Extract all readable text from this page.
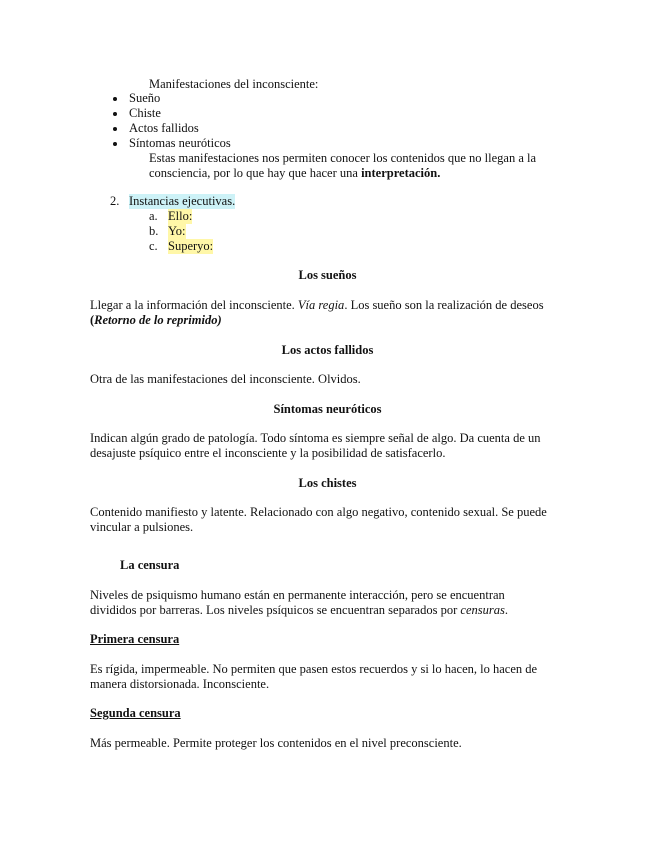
Manifestaciones del inconsciente:
Sueño
Chiste
Actos fallidos
Síntomas neuróticos
Estas manifestaciones nos permiten conocer los contenidos que no llegan a la
consciencia, por lo que hay que hacer una interpretación.
2. Instancias ejecutivas.
a. Ello:
b. Yo:
c. Superyo:
Los sueños
Llegar a la información del inconsciente. Vía regia. Los sueño son la realización de deseos
(Retorno de lo reprimido)
Los actos fallidos
Otra de las manifestaciones del inconsciente. Olvidos.
Síntomas neuróticos
Indican algún grado de patología. Todo síntoma es siempre señal de algo. Da cuenta de un
desajuste psíquico entre el inconsciente y la posibilidad de satisfacerlo.
Los chistes
Contenido manifiesto y latente. Relacionado con algo negativo, contenido sexual. Se puede
vincular a pulsiones.
La censura
Niveles de psiquismo humano están en permanente interacción, pero se encuentran
divididos por barreras. Los niveles psíquicos se encuentran separados por censuras.
Primera censura
Es rígida, impermeable. No permiten que pasen estos recuerdos y si lo hacen, lo hacen de
manera distorsionada. Inconsciente.
Segunda censura
Más permeable. Permite proteger los contenidos en el nivel preconsciente.
